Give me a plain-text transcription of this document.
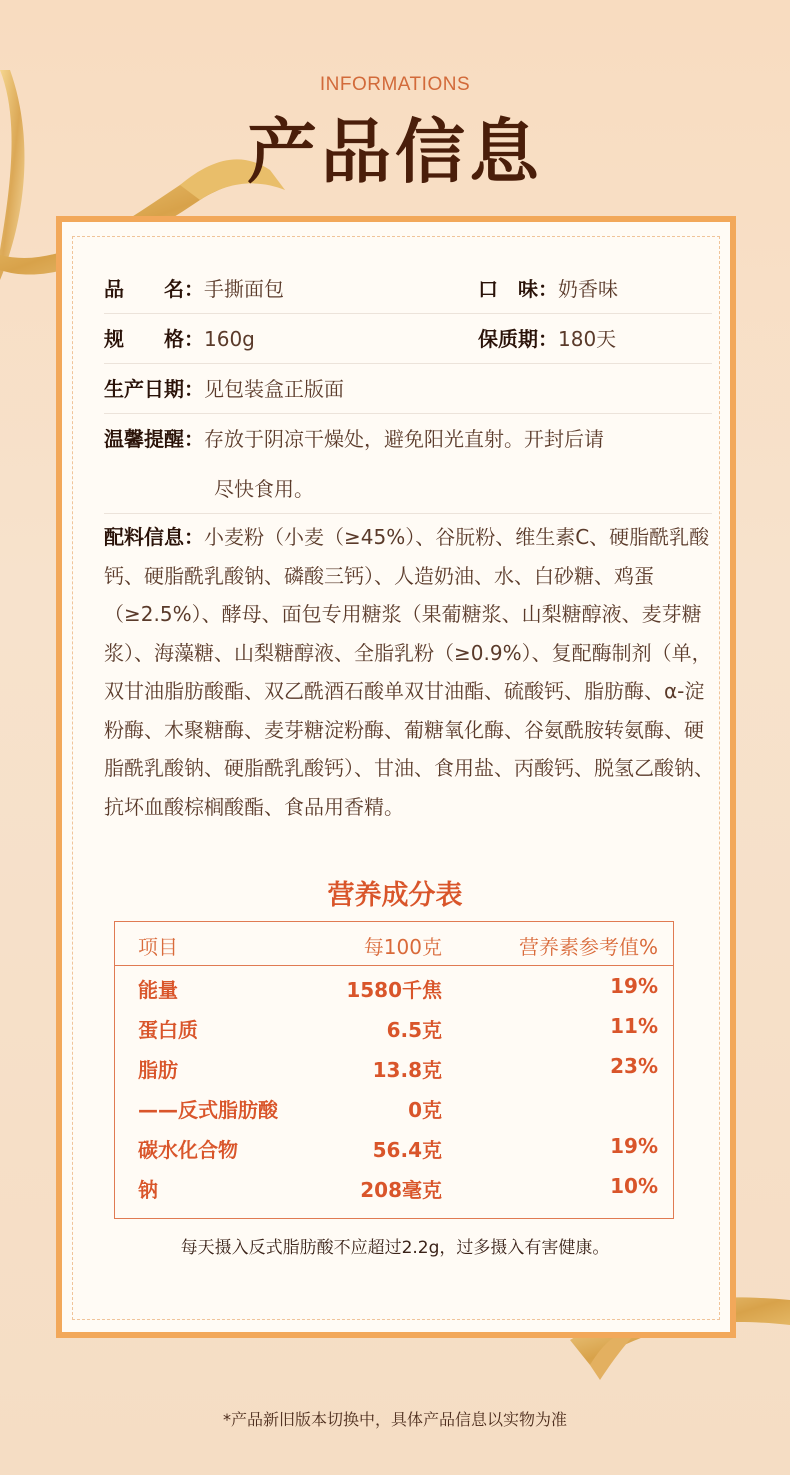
INFORMATIONS
产品信息
品　　名：手撕面包	口　味：奶香味
规　　格：160g	保质期：180天
生产日期：见包装盒正版面
温馨提醒：存放于阴凉干燥处，避免阳光直射。开封后请
尽快食用。
配料信息：小麦粉（小麦（≥45%）、谷朊粉、维生素C、硬脂酰乳酸钙、硬脂酰乳酸钠、磷酸三钙）、人造奶油、水、白砂糖、鸡蛋（≥2.5%）、酵母、面包专用糖浆（果葡糖浆、山梨糖醇液、麦芽糖浆）、海藻糖、山梨糖醇液、全脂乳粉（≥0.9%）、复配酶制剂（单，双甘油脂肪酸酯、双乙酰酒石酸单双甘油酯、硫酸钙、脂肪酶、α-淀粉酶、木聚糖酶、麦芽糖淀粉酶、葡糖氧化酶、谷氨酰胺转氨酶、硬脂酰乳酸钠、硬脂酰乳酸钙）、甘油、食用盐、丙酸钙、脱氢乙酸钠、抗坏血酸棕榈酸酯、食品用香精。
营养成分表
项目	每100克	营养素参考值%
能量	1580千焦	19%
蛋白质	6.5克	11%
脂肪	13.8克	23%
——反式脂肪酸	0克
碳水化合物	56.4克	19%
钠	208毫克	10%
每天摄入反式脂肪酸不应超过2.2g，过多摄入有害健康。
*产品新旧版本切换中，具体产品信息以实物为准
